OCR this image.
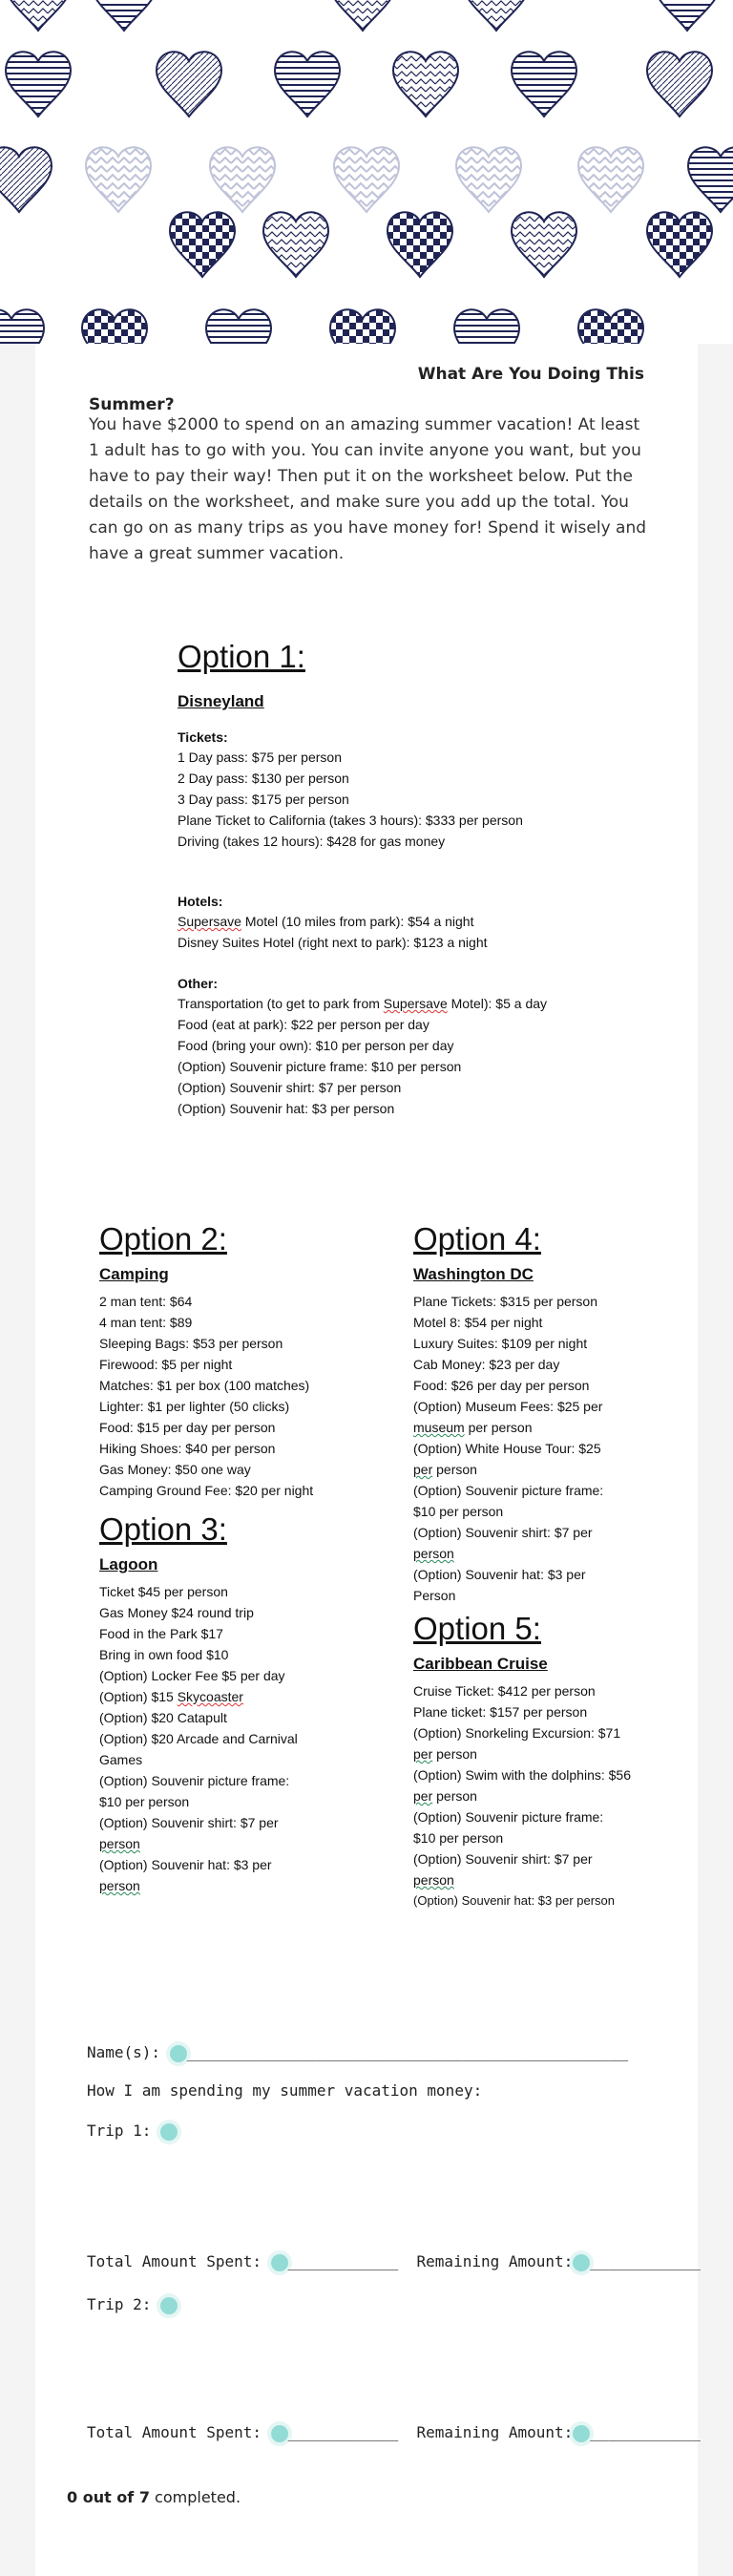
What Are You Doing This
Summer?
You have $2000 to spend on an amazing summer vacation! At least 1 adult has to go with you. You can invite anyone you want, but you have to pay their way! Then put it on the worksheet below. Put the details on the worksheet, and make sure you add up the total. You can go on as many trips as you have money for! Spend it wisely and have a great summer vacation.
Option 1:
Disneyland
Tickets:
1 Day pass: $75 per person
2 Day pass: $130 per person
3 Day pass: $175 per person
Plane Ticket to California (takes 3 hours): $333 per person
Driving (takes 12 hours): $428 for gas money
Hotels:
Supersave Motel (10 miles from park): $54 a night
Disney Suites Hotel (right next to park): $123 a night
Other:
Transportation (to get to park from Supersave Motel): $5 a day
Food (eat at park): $22 per person per day
Food (bring your own): $10 per person per day
(Option) Souvenir picture frame: $10 per person
(Option) Souvenir shirt: $7 per person
(Option) Souvenir hat: $3 per person
Option 2:
Camping
2 man tent: $64
4 man tent: $89
Sleeping Bags: $53 per person
Firewood: $5 per night
Matches: $1 per box (100 matches)
Lighter: $1 per lighter (50 clicks)
Food: $15 per day per person
Hiking Shoes: $40 per person
Gas Money: $50 one way
Camping Ground Fee: $20 per night
Option 3:
Lagoon
Ticket $45 per person
Gas Money $24 round trip
Food in the Park $17
Bring in own food $10
(Option) Locker Fee $5 per day
(Option) $15 Skycoaster
(Option) $20 Catapult
(Option) $20 Arcade and Carnival
Games
(Option) Souvenir picture frame:
$10 per person
(Option) Souvenir shirt: $7 per
person
(Option) Souvenir hat: $3 per
person
Option 4:
Washington DC
Plane Tickets: $315 per person
Motel 8: $54 per night
Luxury Suites: $109 per night
Cab Money: $23 per day
Food: $26 per day per person
(Option) Museum Fees: $25 per
museum per person
(Option) White House Tour: $25
per person
(Option) Souvenir picture frame:
$10 per person
(Option) Souvenir shirt: $7 per
person
(Option) Souvenir hat: $3 per
Person
Option 5:
Caribbean Cruise
Cruise Ticket: $412 per person
Plane ticket: $157 per person
(Option) Snorkeling Excursion: $71
per person
(Option) Swim with the dolphins: $56
per person
(Option) Souvenir picture frame:
$10 per person
(Option) Souvenir shirt: $7 per
person
(Option) Souvenir hat: $3 per person
Name(s): ________________________________________________
How I am spending my summer vacation money:
Trip 1:
Total Amount Spent: ____________ Remaining Amount: ____________
Trip 2:
Total Amount Spent: ____________ Remaining Amount: ____________
0 out of 7 completed.
